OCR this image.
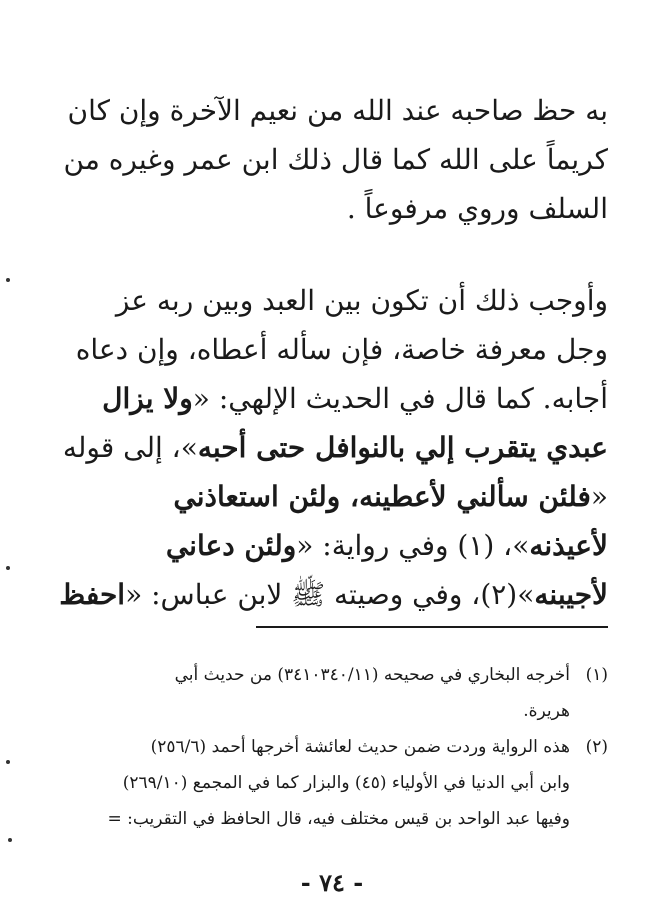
به حظ صاحبه عند الله من نعيم الآخرة وإن كان
كريماً على الله كما قال ذلك ابن عمر وغيره من
السلف وروي مرفوعاً .
وأوجب ذلك أن تكون بين العبد وبين ربه عز
وجل معرفة خاصة، فإن سأله أعطاه، وإن دعاه
أجابه. كما قال في الحديث الإلهي: «ولا يزال
عبدي يتقرب إلي بالنوافل حتى أحبه»، إلى قوله
«فلئن سألني لأعطينه، ولئن استعاذني
لأعيذنه»، (١) وفي رواية: «ولئن دعاني
لأجيبنه»(٢)، وفي وصيته ﷺ لابن عباس: «احفظ
(١)أخرجه البخاري في صحيحه (٣٤١٠٣٤٠/١١) من حديث أبي
هريرة.
(٢)هذه الرواية وردت ضمن حديث لعائشة أخرجها أحمد (٢٥٦/٦)
وابن أبي الدنيا في الأولياء (٤٥) والبزار كما في المجمع (٢٦٩/١٠)
وفيها عبد الواحد بن قيس مختلف فيه، قال الحافظ في التقريب: =
- ٧٤ -
